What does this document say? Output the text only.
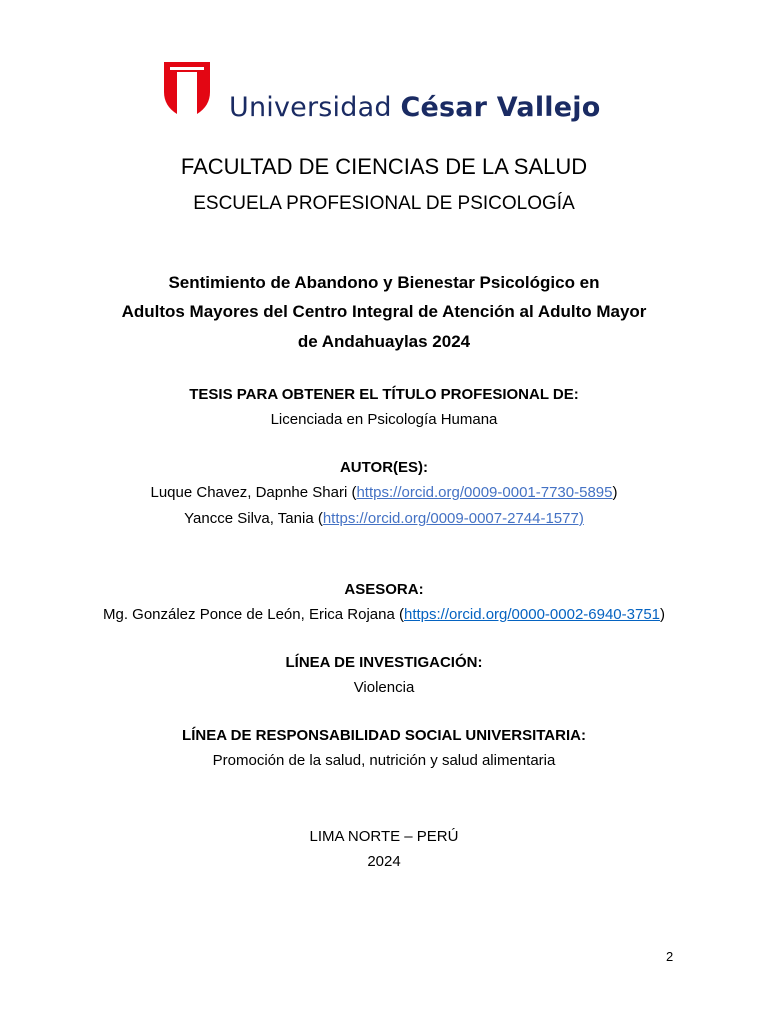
Universidad César Vallejo
FACULTAD DE CIENCIAS DE LA SALUD
ESCUELA PROFESIONAL DE PSICOLOGÍA
Sentimiento de Abandono y Bienestar Psicológico en
Adultos Mayores del Centro Integral de Atención al Adulto Mayor
de Andahuaylas 2024
TESIS PARA OBTENER EL TÍTULO PROFESIONAL DE:
Licenciada en Psicología Humana
AUTOR(ES):
Luque Chavez, Dapnhe Shari (https://orcid.org/0009-0001-7730-5895)
Yancce Silva, Tania (https://orcid.org/0009-0007-2744-1577)
ASESORA:
Mg. González Ponce de León, Erica Rojana (https://orcid.org/0000-0002-6940-3751)
LÍNEA DE INVESTIGACIÓN:
Violencia
LÍNEA DE RESPONSABILIDAD SOCIAL UNIVERSITARIA:
Promoción de la salud, nutrición y salud alimentaria
LIMA NORTE – PERÚ
2024
2
